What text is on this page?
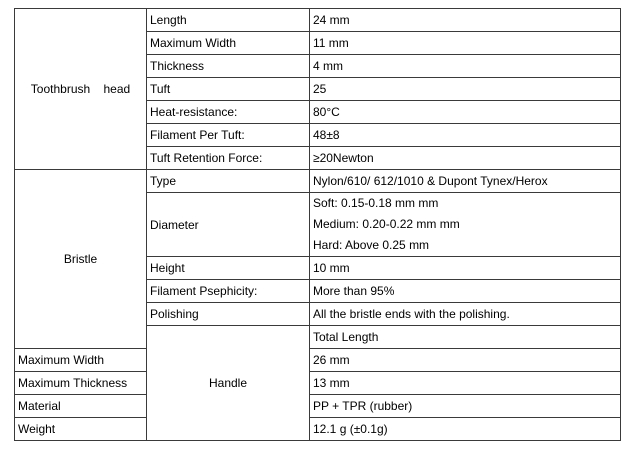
Toothbrush    head	Length	24 mm	
	Maximum Width	11 mm	
	Thickness	4 mm	
	Tuft	25	
	Heat-resistance:	80°C	
	Filament Per Tuft:	48±8	
	Tuft Retention Force:	≥20Newton	
Bristle	Type	Nylon/610/ 612/1010 & Dupont Tynex/Herox	
	Diameter	Soft: 0.15-0.18 mm mm
Medium: 0.20-0.22 mm mm
Hard: Above 0.25 mm	

	Height	10 mm	
	Filament Psephicity:	More than 95%	
	Polishing	All the bristle ends with the polishing.	
	Handle	Total Length	
Maximum Width		26 mm	
Maximum Thickness		13 mm	
Material		PP + TPR (rubber)	
Weight		12.1 g (±0.1g)	
